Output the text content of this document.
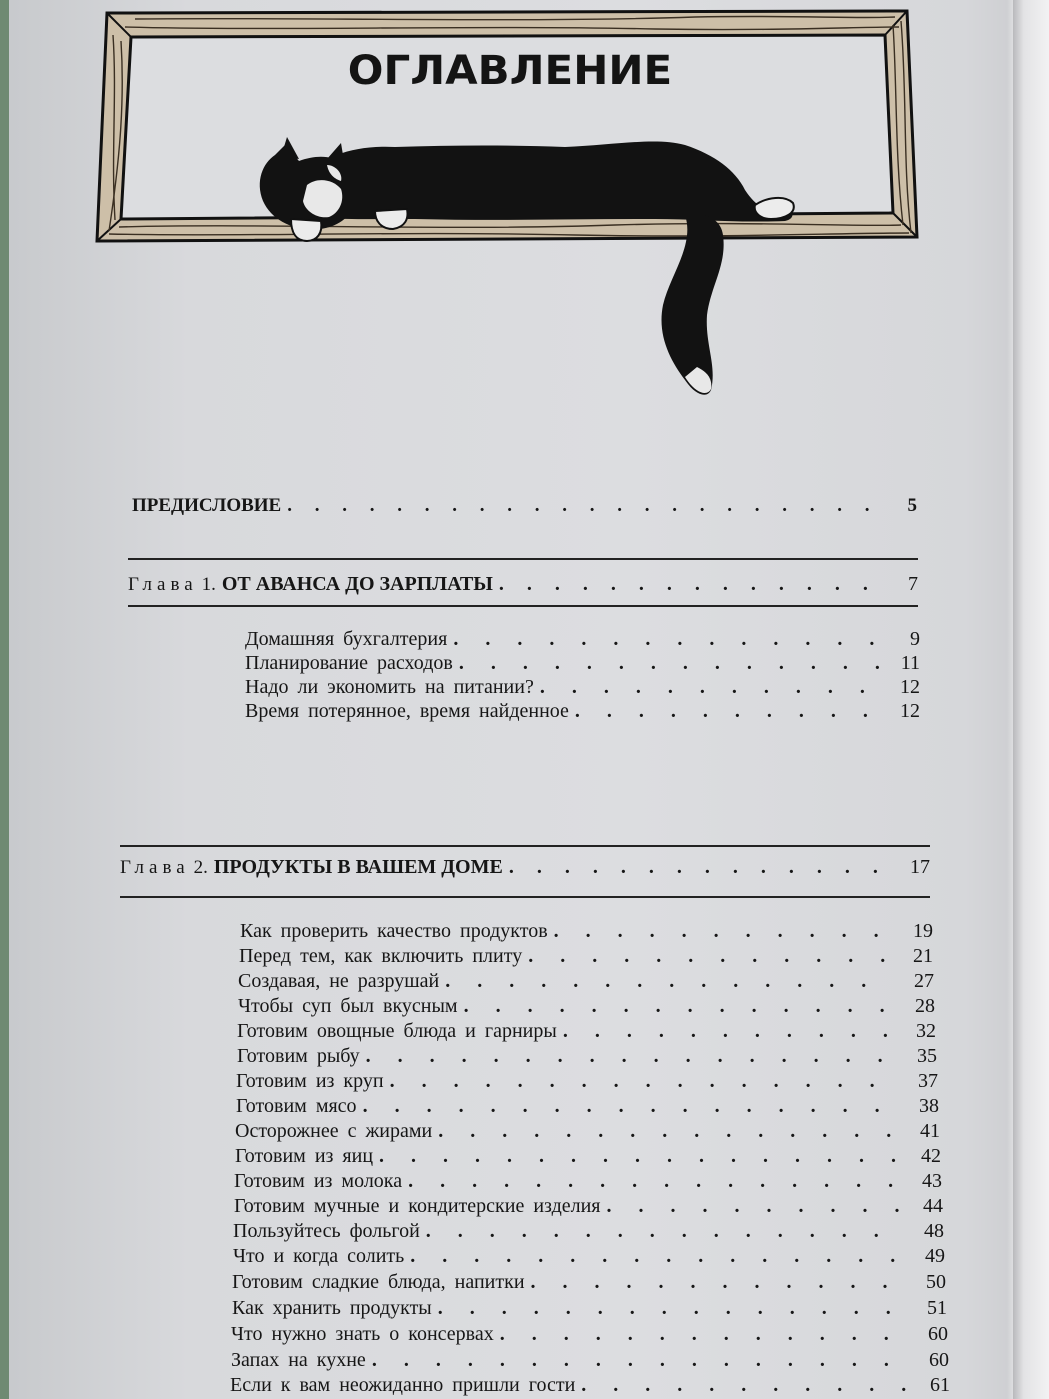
ОГЛАВЛЕНИЕ
ПРЕДИСЛОВИЕ . . .	5
Глава 1. ОТ АВАНСА ДО ЗАРПЛАТЫ . . .	7
Домашняя бухгалтерия . . .	9
Планирование расходов . . .	11
Надо ли экономить на питании? . . .	12
Время потерянное, время найденное . . .	12
Глава 2. ПРОДУКТЫ В ВАШЕМ ДОМЕ . . .	17
Как проверить качество продуктов . . .	19
Перед тем, как включить плиту . . .	21
Создавая, не разрушай . . .	27
Чтобы суп был вкусным . . .	28
Готовим овощные блюда и гарниры . . .	32
Готовим рыбу . . .	35
Готовим из круп . . .	37
Готовим мясо . . .	38
Осторожнее с жирами . . .	41
Готовим из яиц . . .	42
Готовим из молока . . .	43
Готовим мучные и кондитерские изделия . . .	44
Пользуйтесь фольгой . . .	48
Что и когда солить . . .	49
Готовим сладкие блюда, напитки . . .	50
Как хранить продукты . . .	51
Что нужно знать о консервах . . .	60
Запах на кухне . . .	60
Если к вам неожиданно пришли гости . . .	61
